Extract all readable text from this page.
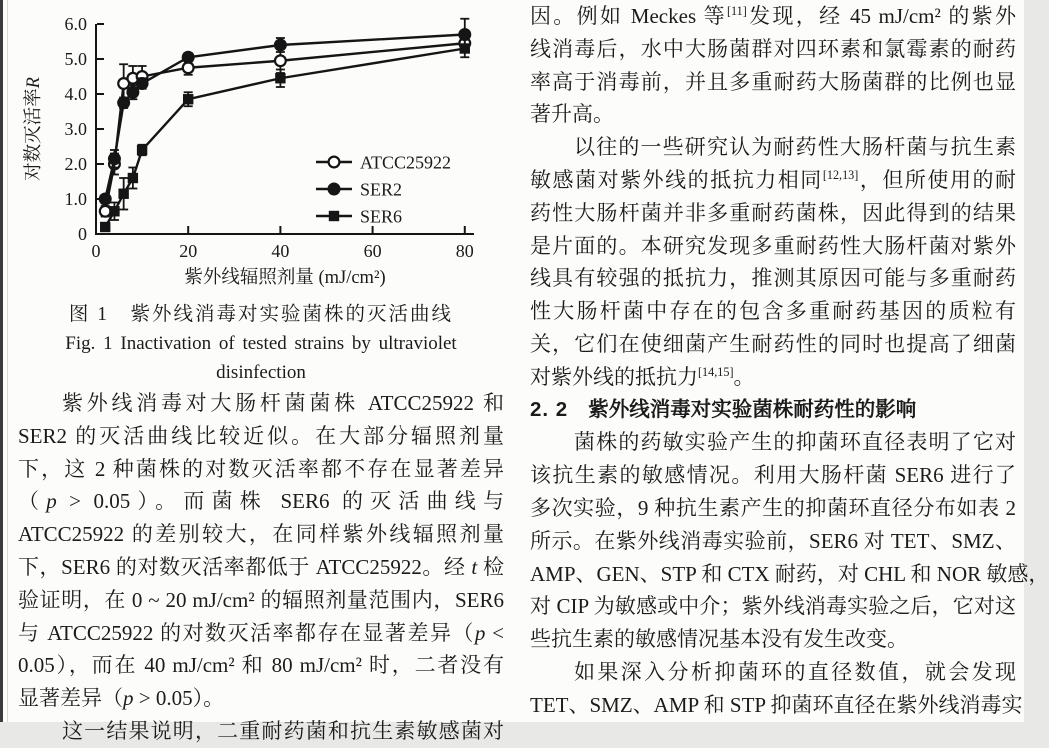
0
1.0
2.0
3.0
4.0
5.0
6.0
0	20	40	60	80
紫外线辐照剂量 (mJ/cm²)
对数灭活率R
ATCC25922
SER2
SER6
图 1　紫外线消毒对实验菌株的灭活曲线
Fig. 1 Inactivation of tested strains by ultraviolet disinfection
紫外线消毒对大肠杆菌菌株 ATCC25922 和
SER2 的灭活曲线比较近似。在大部分辐照剂量
下，这 2 种菌株的对数灭活率都不存在显著差异
（p > 0.05）。而菌株 SER6 的灭活曲线与
ATCC25922 的差别较大，在同样紫外线辐照剂量
下，SER6 的对数灭活率都低于 ATCC25922。经 t 检
验证明，在 0 ~ 20 mJ/cm² 的辐照剂量范围内，SER6
与 ATCC25922 的对数灭活率都存在显著差异（p <
0.05），而在 40 mJ/cm² 和 80 mJ/cm² 时，二者没有
显著差异（p > 0.05）。
这一结果说明，二重耐药菌和抗生素敏感菌对
因。例如 Meckes 等[11]发现，经 45 mJ/cm² 的紫外
线消毒后，水中大肠菌群对四环素和氯霉素的耐药
率高于消毒前，并且多重耐药大肠菌群的比例也显
著升高。
以往的一些研究认为耐药性大肠杆菌与抗生素
敏感菌对紫外线的抵抗力相同[12,13]，但所使用的耐
药性大肠杆菌并非多重耐药菌株，因此得到的结果
是片面的。本研究发现多重耐药性大肠杆菌对紫外
线具有较强的抵抗力，推测其原因可能与多重耐药
性大肠杆菌中存在的包含多重耐药基因的质粒有
关，它们在使细菌产生耐药性的同时也提高了细菌
对紫外线的抵抗力[14,15]。
2. 2 紫外线消毒对实验菌株耐药性的影响
菌株的药敏实验产生的抑菌环直径表明了它对
该抗生素的敏感情况。利用大肠杆菌 SER6 进行了
多次实验，9 种抗生素产生的抑菌环直径分布如表 2
所示。在紫外线消毒实验前，SER6 对 TET、SMZ、
AMP、GEN、STP 和 CTX 耐药，对 CHL 和 NOR 敏感，
对 CIP 为敏感或中介；紫外线消毒实验之后，它对这
些抗生素的敏感情况基本没有发生改变。
如果深入分析抑菌环的直径数值，就会发现
TET、SMZ、AMP 和 STP 抑菌环直径在紫外线消毒实
